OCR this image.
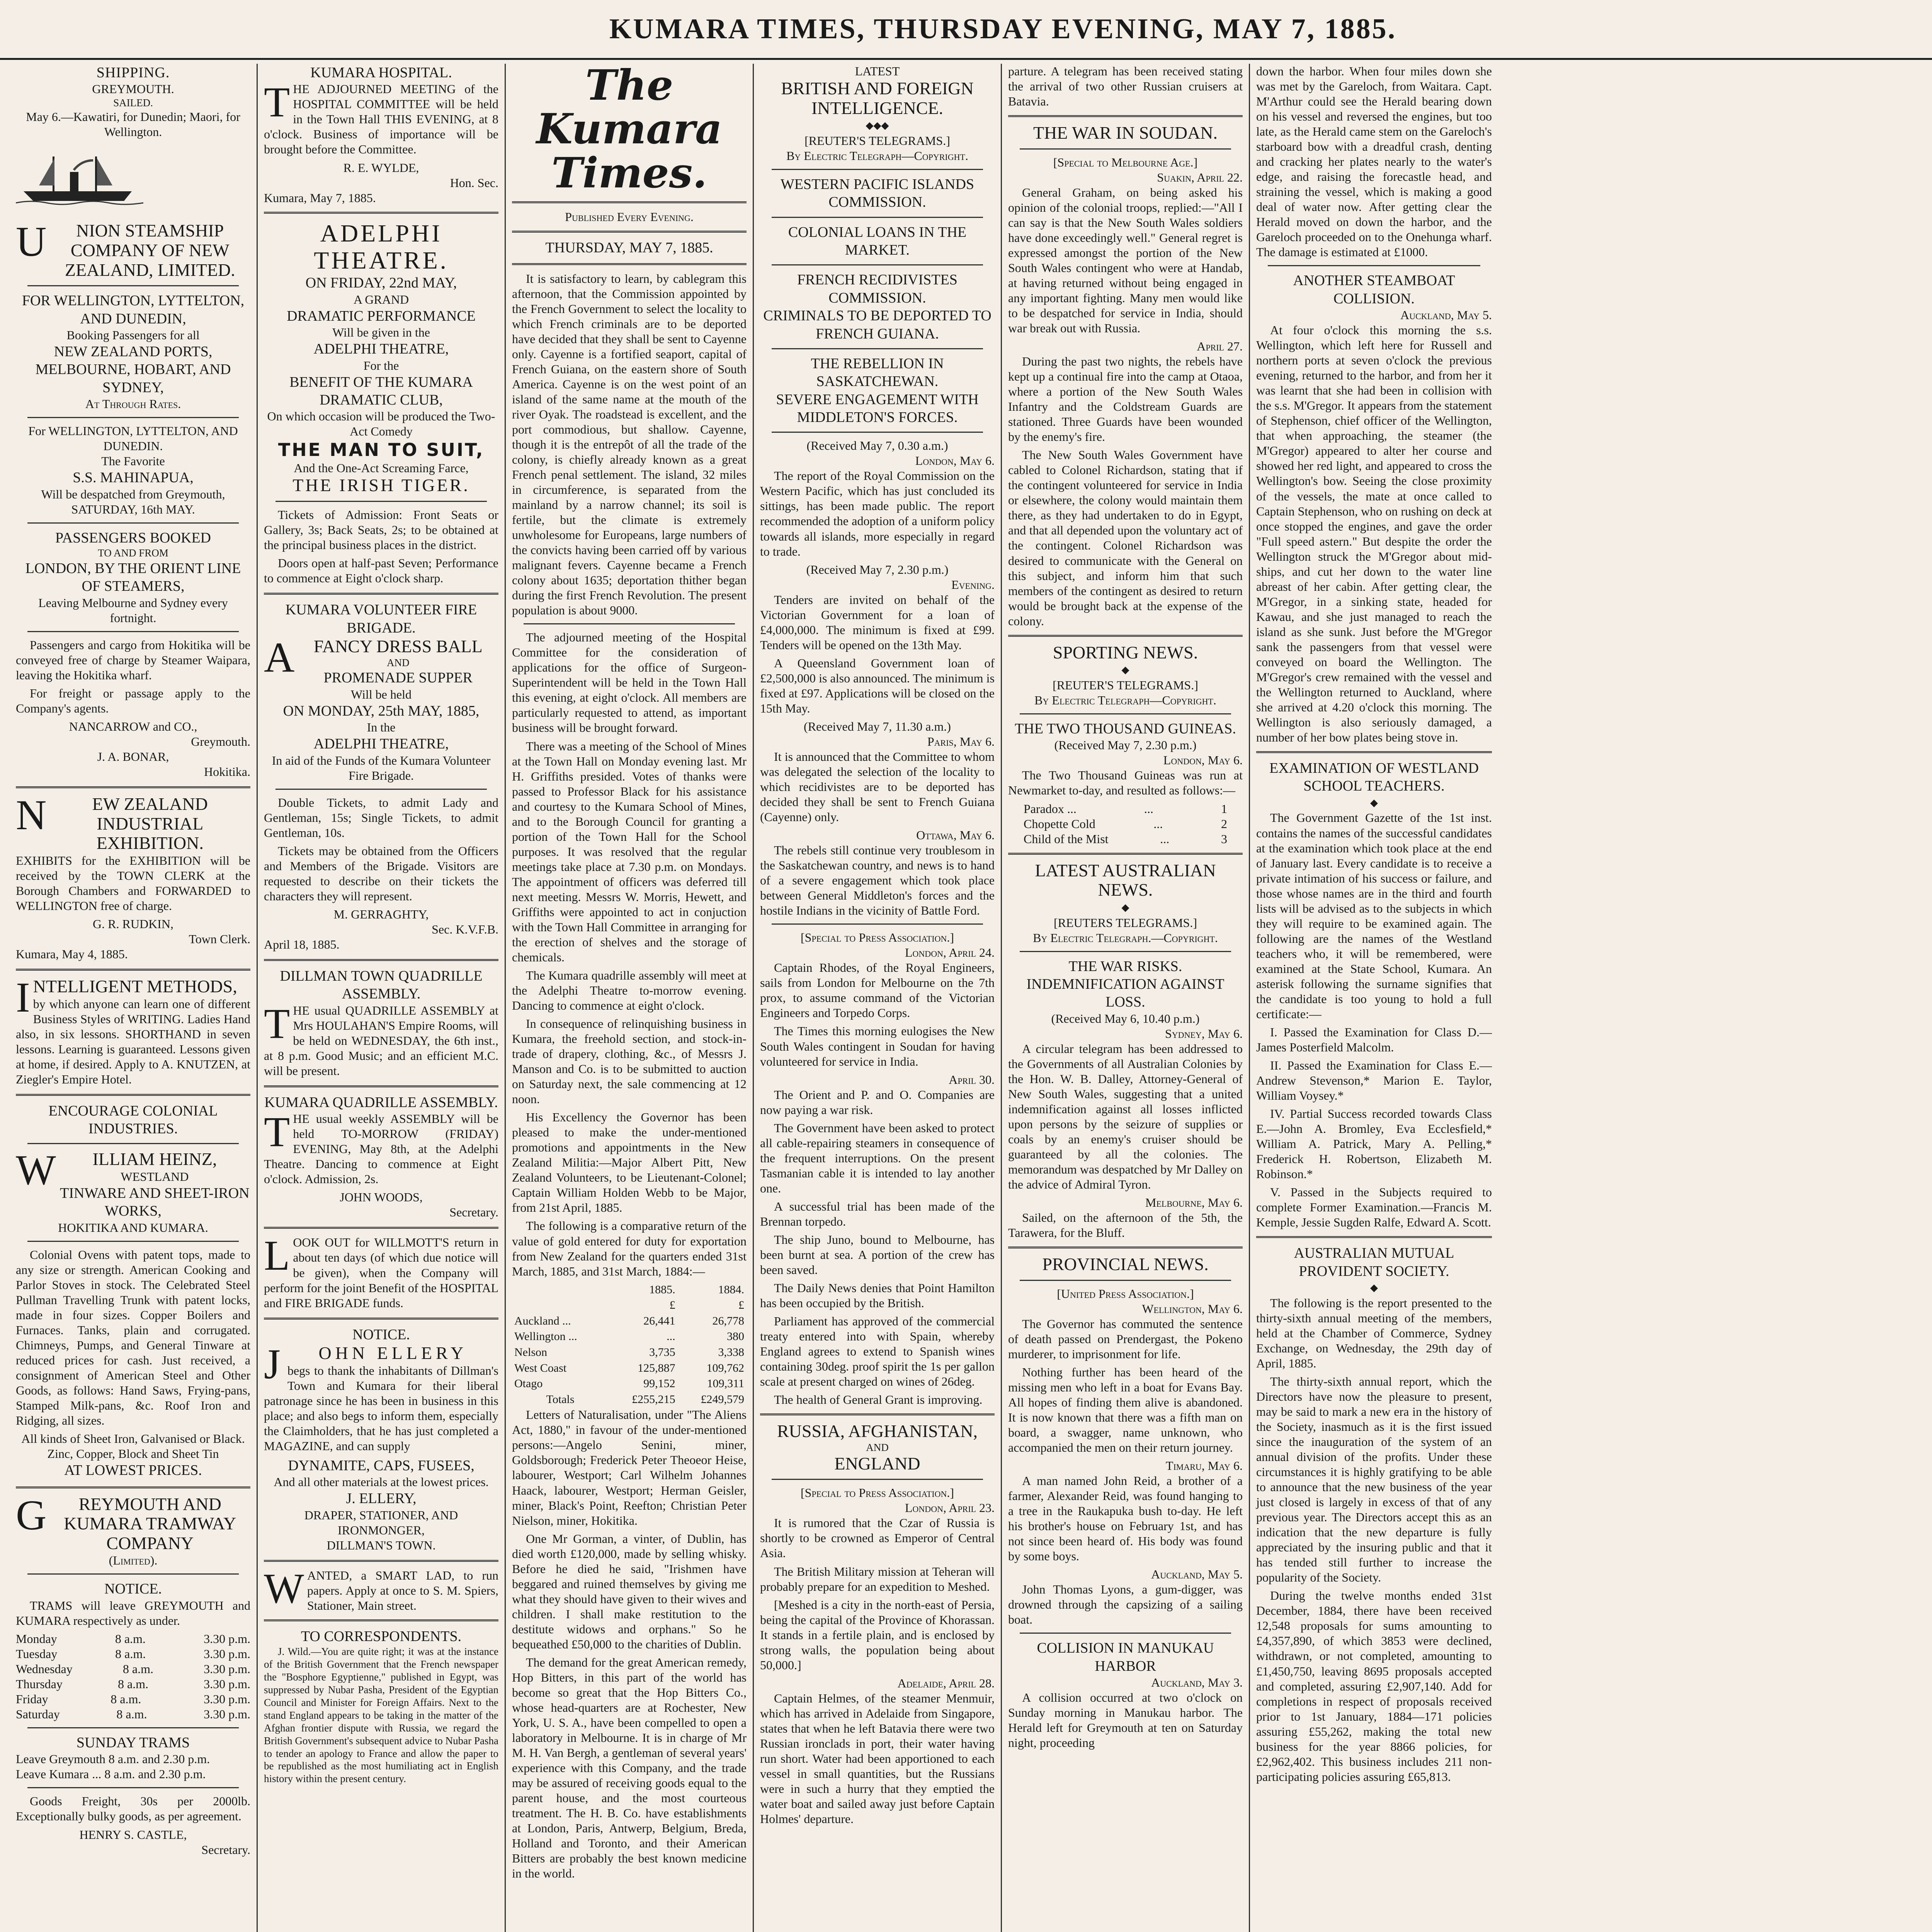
KUMARA TIMES, THURSDAY EVENING, MAY 7, 1885.
SHIPPING.
GREYMOUTH.
SAILED.

May 6.—Kawatiri, for Dunedin; Maori, for Wellington.

UNION STEAMSHIP COMPANY OF NEW ZEALAND, LIMITED.
FOR WELLINGTON, LYTTELTON, AND DUNEDIN,
Booking Passengers for all
NEW ZEALAND PORTS, MELBOURNE, HOBART, AND SYDNEY,
At Through Rates.
For WELLINGTON, LYTTELTON, AND DUNEDIN.
The Favorite
S.S. MAHINAPUA,
Will be despatched from Greymouth, SATURDAY, 16th MAY.
PASSENGERS BOOKED
TO AND FROM
LONDON, BY THE ORIENT LINE OF STEAMERS,
Leaving Melbourne and Sydney every fortnight.

Passengers and cargo from Hokitika will be conveyed free of charge by Steamer Waipara, leaving the Hokitika wharf.

For freight or passage apply to the Company's agents.

NANCARROW and CO.,
Greymouth.
J. A. BONAR,
Hokitika.
NEW ZEALAND INDUSTRIAL EXHIBITION.

EXHIBITS for the EXHIBITION will be received by the TOWN CLERK at the Borough Chambers and FORWARDED to WELLINGTON free of charge.

G. R. RUDKIN,
Town Clerk.
Kumara, May 4, 1885.
INTELLIGENT METHODS,

by which anyone can learn one of different Business Styles of WRITING. Ladies Hand also, in six lessons. SHORTHAND in seven lessons. Learning is guaranteed. Lessons given at home, if desired. Apply to A. KNUTZEN, at Ziegler's Empire Hotel.

ENCOURAGE COLONIAL INDUSTRIES.
WILLIAM HEINZ,
WESTLAND
TINWARE AND SHEET-IRON WORKS,
HOKITIKA AND KUMARA.

Colonial Ovens with patent tops, made to any size or strength. American Cooking and Parlor Stoves in stock. The Celebrated Steel Pullman Travelling Trunk with patent locks, made in four sizes. Copper Boilers and Furnaces. Tanks, plain and corrugated. Chimneys, Pumps, and General Tinware at reduced prices for cash. Just received, a consignment of American Steel and Other Goods, as follows: Hand Saws, Frying-pans, Stamped Milk-pans, &c. Roof Iron and Ridging, all sizes.

All kinds of Sheet Iron, Galvanised or Black.
Zinc, Copper, Block and Sheet Tin
AT LOWEST PRICES.
GREYMOUTH AND KUMARA TRAMWAY COMPANY
(Limited).
NOTICE.

TRAMS will leave GREYMOUTH and KUMARA respectively as under.

Monday	8 a.m.	3.30 p.m.
Tuesday	8 a.m.	3.30 p.m.
Wednesday	8 a.m.	3.30 p.m.
Thursday	8 a.m.	3.30 p.m.
Friday	8 a.m.	3.30 p.m.
Saturday	8 a.m.	3.30 p.m.
SUNDAY TRAMS
Leave Greymouth 8 a.m. and 2.30 p.m.
Leave Kumara ... 8 a.m. and 2.30 p.m.

Goods Freight, 30s per 2000lb. Exceptionally bulky goods, as per agreement.

HENRY S. CASTLE,
Secretary.
KUMARA HOSPITAL.

THE ADJOURNED MEETING of the HOSPITAL COMMITTEE will be held in the Town Hall THIS EVENING, at 8 o'clock. Business of importance will be brought before the Committee.

R. E. WYLDE,
Hon. Sec.
Kumara, May 7, 1885.
ADELPHI THEATRE.
ON FRIDAY, 22nd MAY,
A GRAND
DRAMATIC PERFORMANCE
Will be given in the
ADELPHI THEATRE,
For the
BENEFIT OF THE KUMARA DRAMATIC CLUB,
On which occasion will be produced the Two-Act Comedy
THE MAN TO SUIT,
And the One-Act Screaming Farce,
THE IRISH TIGER.

Tickets of Admission: Front Seats or Gallery, 3s; Back Seats, 2s; to be obtained at the principal business places in the district.

Doors open at half-past Seven; Performance to commence at Eight o'clock sharp.

KUMARA VOLUNTEER FIRE BRIGADE.
AFANCY DRESS BALL
AND
PROMENADE SUPPER
Will be held
ON MONDAY, 25th MAY, 1885,
In the
ADELPHI THEATRE,
In aid of the Funds of the Kumara Volunteer Fire Brigade.

Double Tickets, to admit Lady and Gentleman, 15s; Single Tickets, to admit Gentleman, 10s.

Tickets may be obtained from the Officers and Members of the Brigade. Visitors are requested to describe on their tickets the characters they will represent.

M. GERRAGHTY,
Sec. K.V.F.B.
April 18, 1885.
DILLMAN TOWN QUADRILLE ASSEMBLY.

THE usual QUADRILLE ASSEMBLY at Mrs HOULAHAN'S Empire Rooms, will be held on WEDNESDAY, the 6th inst., at 8 p.m. Good Music; and an efficient M.C. will be present.

KUMARA QUADRILLE ASSEMBLY.

THE usual weekly ASSEMBLY will be held TO-MORROW (FRIDAY) EVENING, May 8th, at the Adelphi Theatre. Dancing to commence at Eight o'clock. Admission, 2s.

JOHN WOODS,
Secretary.

LOOK OUT for WILLMOTT'S return in about ten days (of which due notice will be given), when the Company will perform for the joint Benefit of the HOSPITAL and FIRE BRIGADE funds.

NOTICE.
JOHN ELLERY

begs to thank the inhabitants of Dillman's Town and Kumara for their liberal patronage since he has been in business in this place; and also begs to inform them, especially the Claimholders, that he has just completed a MAGAZINE, and can supply

DYNAMITE, CAPS, FUSEES,
And all other materials at the lowest prices.
J. ELLERY,
DRAPER, STATIONER, AND IRONMONGER,
DILLMAN'S TOWN.

WANTED, a SMART LAD, to run papers. Apply at once to S. M. Spiers, Stationer, Main street.

TO CORRESPONDENTS.

J. Wild.—You are quite right; it was at the instance of the British Government that the French newspaper the "Bosphore Egyptienne," published in Egypt, was suppressed by Nubar Pasha, President of the Egyptian Council and Minister for Foreign Affairs. Next to the stand England appears to be taking in the matter of the Afghan frontier dispute with Russia, we regard the British Government's subsequent advice to Nubar Pasha to tender an apology to France and allow the paper to be republished as the most humiliating act in English history within the present century.

The Kumara Times.
Published Every Evening.
THURSDAY, MAY 7, 1885.

It is satisfactory to learn, by cablegram this afternoon, that the Commission appointed by the French Government to select the locality to which French criminals are to be deported have decided that they shall be sent to Cayenne only. Cayenne is a fortified seaport, capital of French Guiana, on the eastern shore of South America. Cayenne is on the west point of an island of the same name at the mouth of the river Oyak. The roadstead is excellent, and the port commodious, but shallow. Cayenne, though it is the entrepôt of all the trade of the colony, is chiefly already known as a great French penal settlement. The island, 32 miles in circumference, is separated from the mainland by a narrow channel; its soil is fertile, but the climate is extremely unwholesome for Europeans, large numbers of the convicts having been carried off by various malignant fevers. Cayenne became a French colony about 1635; deportation thither began during the first French Revolution. The present population is about 9000.

The adjourned meeting of the Hospital Committee for the consideration of applications for the office of Surgeon-Superintendent will be held in the Town Hall this evening, at eight o'clock. All members are particularly requested to attend, as important business will be brought forward.

There was a meeting of the School of Mines at the Town Hall on Monday evening last. Mr H. Griffiths presided. Votes of thanks were passed to Professor Black for his assistance and courtesy to the Kumara School of Mines, and to the Borough Council for granting a portion of the Town Hall for the School purposes. It was resolved that the regular meetings take place at 7.30 p.m. on Mondays. The appointment of officers was deferred till next meeting. Messrs W. Morris, Hewett, and Griffiths were appointed to act in conjuction with the Town Hall Committee in arranging for the erection of shelves and the storage of chemicals.

The Kumara quadrille assembly will meet at the Adelphi Theatre to-morrow evening. Dancing to commence at eight o'clock.

In consequence of relinquishing business in Kumara, the freehold section, and stock-in-trade of drapery, clothing, &c., of Messrs J. Manson and Co. is to be submitted to auction on Saturday next, the sale commencing at 12 noon.

His Excellency the Governor has been pleased to make the under-mentioned promotions and appointments in the New Zealand Militia:—Major Albert Pitt, New Zealand Volunteers, to be Lieutenant-Colonel; Captain William Holden Webb to be Major, from 21st April, 1885.

The following is a comparative return of the value of gold entered for duty for exportation from New Zealand for the quarters ended 31st March, 1885, and 31st March, 1884:—

	1885.	1884.
	£	£
Auckland ...	26,441	26,778
Wellington ...	...	380
Nelson	3,735	3,338
West Coast	125,887	109,762
Otago	99,152	109,311
Totals	£255,215	£249,579

Letters of Naturalisation, under "The Aliens Act, 1880," in favour of the under-mentioned persons:—Angelo Senini, miner, Goldsborough; Frederick Peter Theoeor Heise, labourer, Westport; Carl Wilhelm Johannes Haack, labourer, Westport; Herman Geisler, miner, Black's Point, Reefton; Christian Peter Nielson, miner, Hokitika.

One Mr Gorman, a vinter, of Dublin, has died worth £120,000, made by selling whisky. Before he died he said, "Irishmen have beggared and ruined themselves by giving me what they should have given to their wives and children. I shall make restitution to the destitute widows and orphans." So he bequeathed £50,000 to the charities of Dublin.

The demand for the great American remedy, Hop Bitters, in this part of the world has become so great that the Hop Bitters Co., whose head-quarters are at Rochester, New York, U. S. A., have been compelled to open a laboratory in Melbourne. It is in charge of Mr M. H. Van Bergh, a gentleman of several years' experience with this Company, and the trade may be assured of receiving goods equal to the parent house, and the most courteous treatment. The H. B. Co. have establishments at London, Paris, Antwerp, Belgium, Breda, Holland and Toronto, and their American Bitters are probably the best known medicine in the world.

LATEST
BRITISH AND FOREIGN INTELLIGENCE.
◆◆◆
[REUTER'S TELEGRAMS.]
By Electric Telegraph—Copyright.
WESTERN PACIFIC ISLANDS COMMISSION.
COLONIAL LOANS IN THE MARKET.
FRENCH RECIDIVISTES COMMISSION.
CRIMINALS TO BE DEPORTED TO FRENCH GUIANA.
THE REBELLION IN SASKATCHEWAN.
SEVERE ENGAGEMENT WITH MIDDLETON'S FORCES.
(Received May 7, 0.30 a.m.)
London, May 6.

The report of the Royal Commission on the Western Pacific, which has just concluded its sittings, has been made public. The report recommended the adoption of a uniform policy towards all islands, more especially in regard to trade.

(Received May 7, 2.30 p.m.)
Evening.

Tenders are invited on behalf of the Victorian Government for a loan of £4,000,000. The minimum is fixed at £99. Tenders will be opened on the 13th May.

A Queensland Government loan of £2,500,000 is also announced. The minimum is fixed at £97. Applications will be closed on the 15th May.

(Received May 7, 11.30 a.m.)
Paris, May 6.

It is announced that the Committee to whom was delegated the selection of the locality to which recidivistes are to be deported has decided they shall be sent to French Guiana (Cayenne) only.

Ottawa, May 6.

The rebels still continue very troublesom in the Saskatchewan country, and news is to hand of a severe engagement which took place between General Middleton's forces and the hostile Indians in the vicinity of Battle Ford.

[Special to Press Association.]
London, April 24.

Captain Rhodes, of the Royal Engineers, sails from London for Melbourne on the 7th prox, to assume command of the Victorian Engineers and Torpedo Corps.

The Times this morning eulogises the New South Wales contingent in Soudan for having volunteered for service in India.

April 30.

The Orient and P. and O. Companies are now paying a war risk.

The Government have been asked to protect all cable-repairing steamers in consequence of the frequent interruptions. On the present Tasmanian cable it is intended to lay another one.

A successful trial has been made of the Brennan torpedo.

The ship Juno, bound to Melbourne, has been burnt at sea. A portion of the crew has been saved.

The Daily News denies that Point Hamilton has been occupied by the British.

Parliament has approved of the commercial treaty entered into with Spain, whereby England agrees to extend to Spanish wines containing 30deg. proof spirit the 1s per gallon scale at present charged on wines of 26deg.

The health of General Grant is improving.

RUSSIA, AFGHANISTAN,
AND
ENGLAND
[Special to Press Association.]
London, April 23.

It is rumored that the Czar of Russia is shortly to be crowned as Emperor of Central Asia.

The British Military mission at Teheran will probably prepare for an expedition to Meshed.

[Meshed is a city in the north-east of Persia, being the capital of the Province of Khorassan. It stands in a fertile plain, and is enclosed by strong walls, the population being about 50,000.]

Adelaide, April 28.

Captain Helmes, of the steamer Menmuir, which has arrived in Adelaide from Singapore, states that when he left Batavia there were two Russian ironclads in port, their water having run short. Water had been apportioned to each vessel in small quantities, but the Russians were in such a hurry that they emptied the water boat and sailed away just before Captain Holmes' departure.

parture. A telegram has been received stating the arrival of two other Russian cruisers at Batavia.

THE WAR IN SOUDAN.
[Special to Melbourne Age.]
Suakin, April 22.

General Graham, on being asked his opinion of the colonial troops, replied:—"All I can say is that the New South Wales soldiers have done exceedingly well." General regret is expressed amongst the portion of the New South Wales contingent who were at Handab, at having returned without being engaged in any important fighting. Many men would like to be despatched for service in India, should war break out with Russia.

April 27.

During the past two nights, the rebels have kept up a continual fire into the camp at Otaoa, where a portion of the New South Wales Infantry and the Coldstream Guards are stationed. Three Guards have been wounded by the enemy's fire.

The New South Wales Government have cabled to Colonel Richardson, stating that if the contingent volunteered for service in India or elsewhere, the colony would maintain them there, as they had undertaken to do in Egypt, and that all depended upon the voluntary act of the contingent. Colonel Richardson was desired to communicate with the General on this subject, and inform him that such members of the contingent as desired to return would be brought back at the expense of the colony.

SPORTING NEWS.
◆
[REUTER'S TELEGRAMS.]
By Electric Telegraph—Copyright.
THE TWO THOUSAND GUINEAS.
(Received May 7, 2.30 p.m.)
London, May 6.

The Two Thousand Guineas was run at Newmarket to-day, and resulted as follows:—

Paradox ...	...	1
Chopette Cold	...	2
Child of the Mist	...	3
LATEST AUSTRALIAN NEWS.
◆
[REUTERS TELEGRAMS.]
By Electric Telegraph.—Copyright.
THE WAR RISKS.
INDEMNIFICATION AGAINST LOSS.
(Received May 6, 10.40 p.m.)
Sydney, May 6.

A circular telegram has been addressed to the Governments of all Australian Colonies by the Hon. W. B. Dalley, Attorney-General of New South Wales, suggesting that a united indemnification against all losses inflicted upon persons by the seizure of supplies or coals by an enemy's cruiser should be guaranteed by all the colonies. The memorandum was despatched by Mr Dalley on the advice of Admiral Tyron.

Melbourne, May 6.

Sailed, on the afternoon of the 5th, the Tarawera, for the Bluff.

PROVINCIAL NEWS.
[United Press Association.]
Wellington, May 6.

The Governor has commuted the sentence of death passed on Prendergast, the Pokeno murderer, to imprisonment for life.

Nothing further has been heard of the missing men who left in a boat for Evans Bay. All hopes of finding them alive is abandoned. It is now known that there was a fifth man on board, a swagger, name unknown, who accompanied the men on their return journey.

Timaru, May 6.

A man named John Reid, a brother of a farmer, Alexander Reid, was found hanging to a tree in the Raukapuka bush to-day. He left his brother's house on February 1st, and has not since been heard of. His body was found by some boys.

Auckland, May 5.

John Thomas Lyons, a gum-digger, was drowned through the capsizing of a sailing boat.

COLLISION IN MANUKAU HARBOR
Auckland, May 3.

A collision occurred at two o'clock on Sunday morning in Manukau harbor. The Herald left for Greymouth at ten on Saturday night, proceeding

down the harbor. When four miles down she was met by the Gareloch, from Waitara. Capt. M'Arthur could see the Herald bearing down on his vessel and reversed the engines, but too late, as the Herald came stem on the Gareloch's starboard bow with a dreadful crash, denting and cracking her plates nearly to the water's edge, and raising the forecastle head, and straining the vessel, which is making a good deal of water now. After getting clear the Herald moved on down the harbor, and the Gareloch proceeded on to the Onehunga wharf. The damage is estimated at £1000.

ANOTHER STEAMBOAT COLLISION.
Auckland, May 5.

At four o'clock this morning the s.s. Wellington, which left here for Russell and northern ports at seven o'clock the previous evening, returned to the harbor, and from her it was learnt that she had been in collision with the s.s. M'Gregor. It appears from the statement of Stephenson, chief officer of the Wellington, that when approaching, the steamer (the M'Gregor) appeared to alter her course and showed her red light, and appeared to cross the Wellington's bow. Seeing the close proximity of the vessels, the mate at once called to Captain Stephenson, who on rushing on deck at once stopped the engines, and gave the order "Full speed astern." But despite the order the Wellington struck the M'Gregor about mid-ships, and cut her down to the water line abreast of her cabin. After getting clear, the M'Gregor, in a sinking state, headed for Kawau, and she just managed to reach the island as she sunk. Just before the M'Gregor sank the passengers from that vessel were conveyed on board the Wellington. The M'Gregor's crew remained with the vessel and the Wellington returned to Auckland, where she arrived at 4.20 o'clock this morning. The Wellington is also seriously damaged, a number of her bow plates being stove in.

EXAMINATION OF WESTLAND SCHOOL TEACHERS.
◆

The Government Gazette of the 1st inst. contains the names of the successful candidates at the examination which took place at the end of January last. Every candidate is to receive a private intimation of his success or failure, and those whose names are in the third and fourth lists will be advised as to the subjects in which they will require to be examined again. The following are the names of the Westland teachers who, it will be remembered, were examined at the State School, Kumara. An asterisk following the surname signifies that the candidate is too young to hold a full certificate:—

I. Passed the Examination for Class D.—James Posterfield Malcolm.

II. Passed the Examination for Class E.—Andrew Stevenson,* Marion E. Taylor, William Voysey.*

IV. Partial Success recorded towards Class E.—John A. Bromley, Eva Ecclesfield,* William A. Patrick, Mary A. Pelling,* Frederick H. Robertson, Elizabeth M. Robinson.*

V. Passed in the Subjects required to complete Former Examination.—Francis M. Kemple, Jessie Sugden Ralfe, Edward A. Scott.

AUSTRALIAN MUTUAL PROVIDENT SOCIETY.
◆

The following is the report presented to the thirty-sixth annual meeting of the members, held at the Chamber of Commerce, Sydney Exchange, on Wednesday, the 29th day of April, 1885.

The thirty-sixth annual report, which the Directors have now the pleasure to present, may be said to mark a new era in the history of the Society, inasmuch as it is the first issued since the inauguration of the system of an annual division of the profits. Under these circumstances it is highly gratifying to be able to announce that the new business of the year just closed is largely in excess of that of any previous year. The Directors accept this as an indication that the new departure is fully appreciated by the insuring public and that it has tended still further to increase the popularity of the Society.

During the twelve months ended 31st December, 1884, there have been received 12,548 proposals for sums amounting to £4,357,890, of which 3853 were declined, withdrawn, or not completed, amounting to £1,450,750, leaving 8695 proposals accepted and completed, assuring £2,907,140. Add for completions in respect of proposals received prior to 1st January, 1884—171 policies assuring £55,262, making the total new business for the year 8866 policies, for £2,962,402. This business includes 211 non-participating policies assuring £65,813.
